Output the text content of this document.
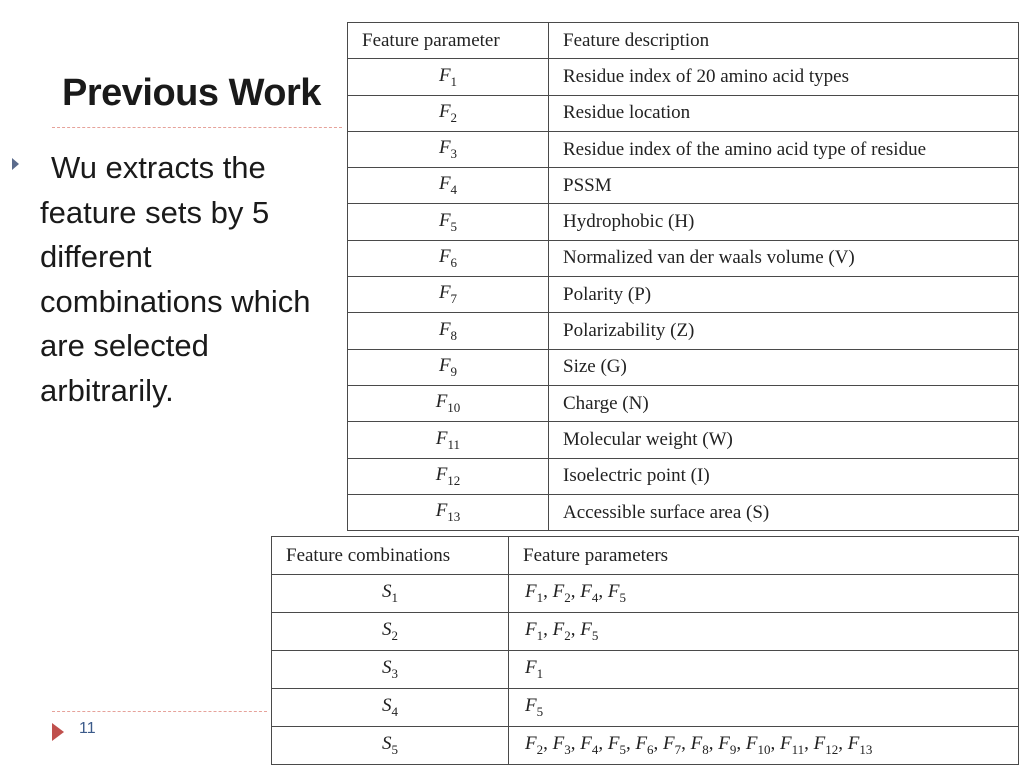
Previous Work
Wu extracts the
feature sets by 5
different
combinations which
are selected
arbitrarily.
Feature parameter	Feature description
$F_1$	Residue index of 20 amino acid types
$F_2$	Residue location
$F_3$	Residue index of the amino acid type of residue
$F_4$	PSSM
$F_5$	Hydrophobic (H)
$F_6$	Normalized van der waals volume (V)
$F_7$	Polarity (P)
$F_8$	Polarizability (Z)
$F_9$	Size (G)
$F_{10}$	Charge (N)
$F_{11}$	Molecular weight (W)
$F_{12}$	Isoelectric point (I)
$F_{13}$	Accessible surface area (S)
Feature combinations	Feature parameters
$S_1$	$F_1$, $F_2$, $F_4$, $F_5$
$S_2$	$F_1$, $F_2$, $F_5$
$S_3$	$F_1$
$S_4$	$F_5$
$S_5$	$F_2$, $F_3$, $F_4$, $F_5$, $F_6$, $F_7$, $F_8$, $F_9$, $F_{10}$, $F_{11}$, $F_{12}$, $F_{13}$
11
